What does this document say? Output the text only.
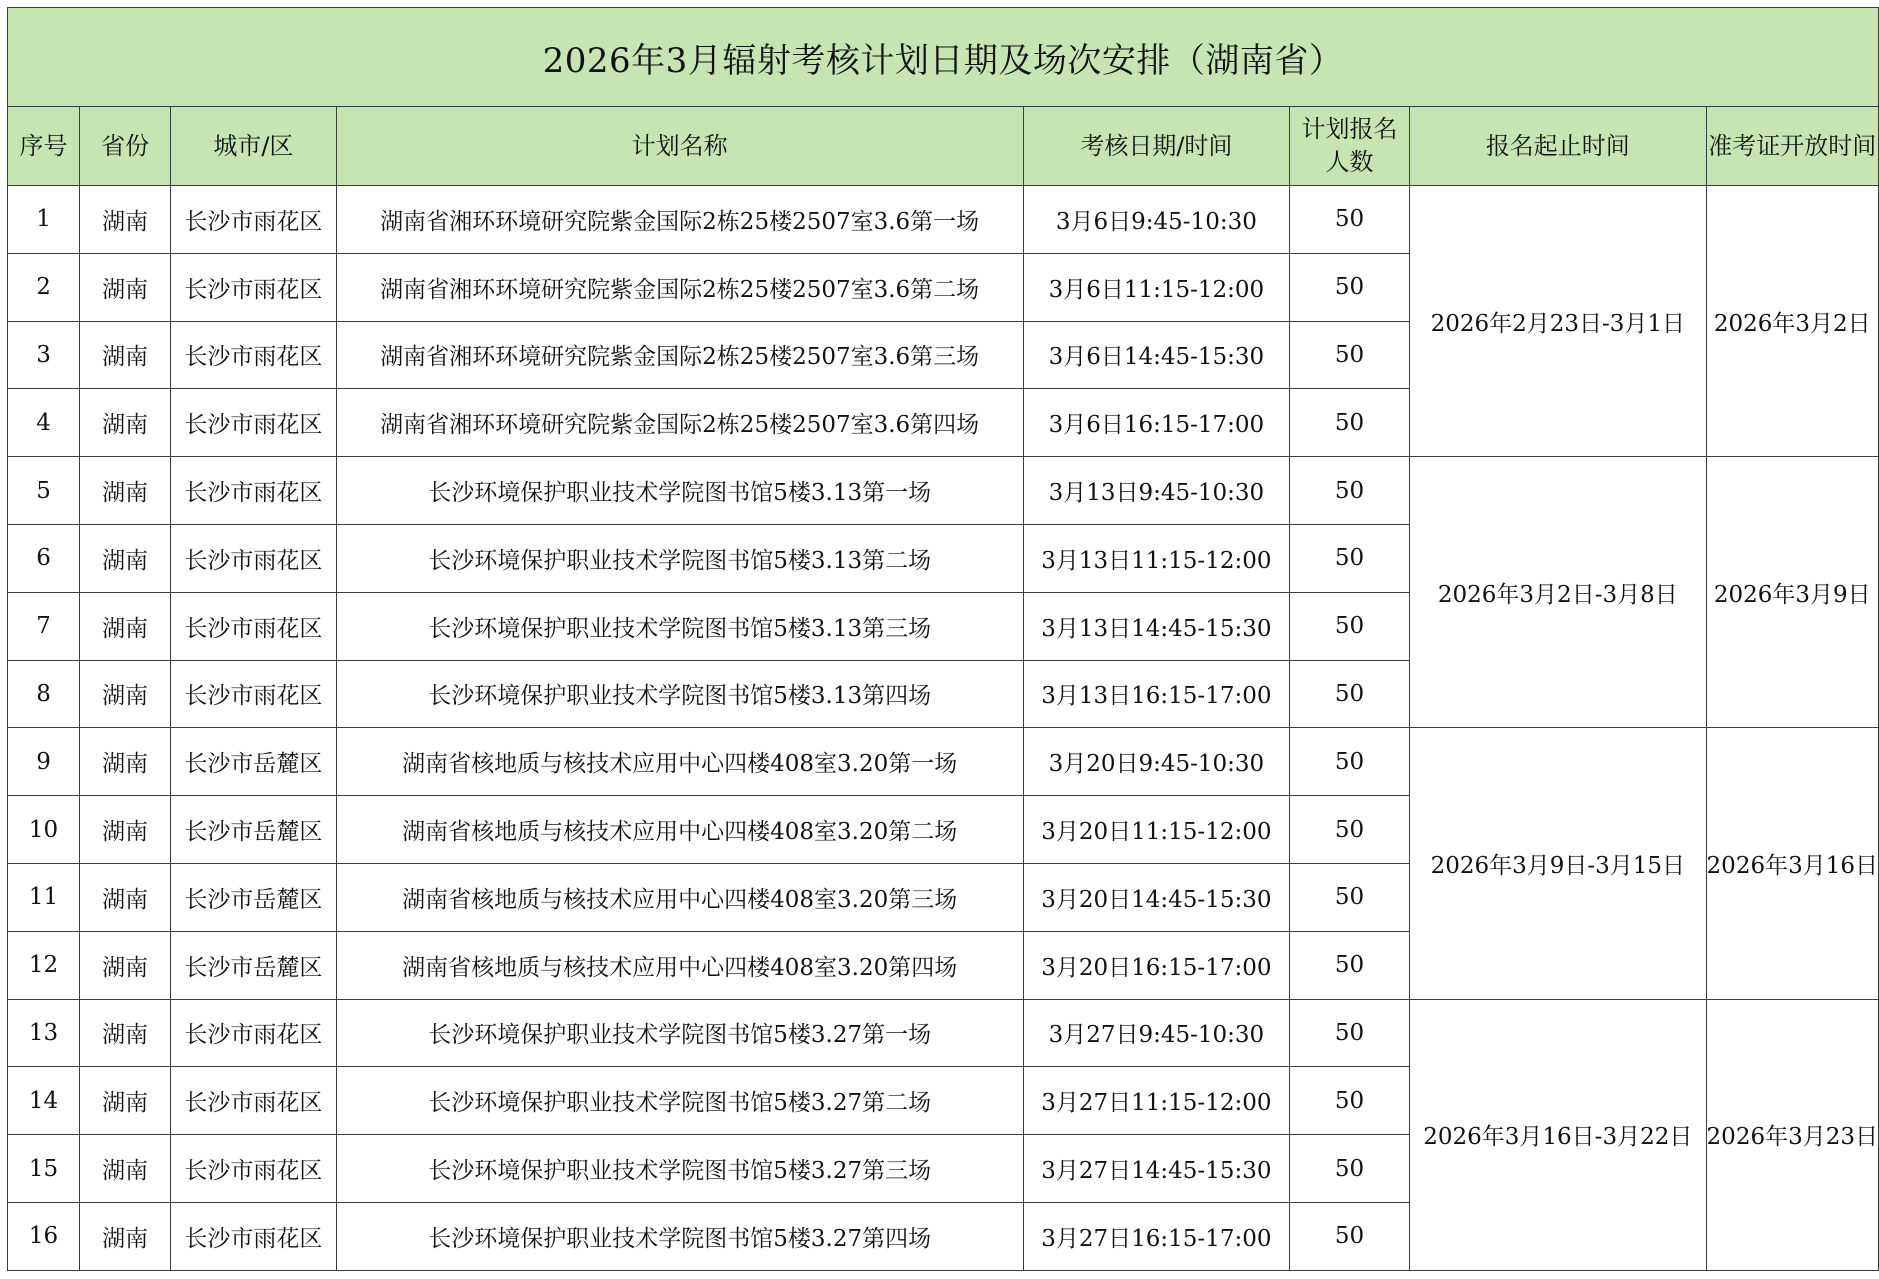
2026年3月辐射考核计划日期及场次安排（湖南省）							
序号	省份	城市/区	计划名称	考核日期/时间	计划报名人数	报名起止时间	准考证开放时间
1	湖南	长沙市雨花区	湖南省湘环环境研究院紫金国际2栋25楼2507室3.6第一场	3月6日9:45-10:30	50	2026年2月23日-3月1日	2026年3月2日
2	湖南	长沙市雨花区	湖南省湘环环境研究院紫金国际2栋25楼2507室3.6第二场	3月6日11:15-12:00	50		
3	湖南	长沙市雨花区	湖南省湘环环境研究院紫金国际2栋25楼2507室3.6第三场	3月6日14:45-15:30	50		
4	湖南	长沙市雨花区	湖南省湘环环境研究院紫金国际2栋25楼2507室3.6第四场	3月6日16:15-17:00	50		
5	湖南	长沙市雨花区	长沙环境保护职业技术学院图书馆5楼3.13第一场	3月13日9:45-10:30	50	2026年3月2日-3月8日	2026年3月9日
6	湖南	长沙市雨花区	长沙环境保护职业技术学院图书馆5楼3.13第二场	3月13日11:15-12:00	50		
7	湖南	长沙市雨花区	长沙环境保护职业技术学院图书馆5楼3.13第三场	3月13日14:45-15:30	50		
8	湖南	长沙市雨花区	长沙环境保护职业技术学院图书馆5楼3.13第四场	3月13日16:15-17:00	50		
9	湖南	长沙市岳麓区	湖南省核地质与核技术应用中心四楼408室3.20第一场	3月20日9:45-10:30	50	2026年3月9日-3月15日	2026年3月16日
10	湖南	长沙市岳麓区	湖南省核地质与核技术应用中心四楼408室3.20第二场	3月20日11:15-12:00	50		
11	湖南	长沙市岳麓区	湖南省核地质与核技术应用中心四楼408室3.20第三场	3月20日14:45-15:30	50		
12	湖南	长沙市岳麓区	湖南省核地质与核技术应用中心四楼408室3.20第四场	3月20日16:15-17:00	50		
13	湖南	长沙市雨花区	长沙环境保护职业技术学院图书馆5楼3.27第一场	3月27日9:45-10:30	50	2026年3月16日-3月22日	2026年3月23日
14	湖南	长沙市雨花区	长沙环境保护职业技术学院图书馆5楼3.27第二场	3月27日11:15-12:00	50		
15	湖南	长沙市雨花区	长沙环境保护职业技术学院图书馆5楼3.27第三场	3月27日14:45-15:30	50		
16	湖南	长沙市雨花区	长沙环境保护职业技术学院图书馆5楼3.27第四场	3月27日16:15-17:00	50		
